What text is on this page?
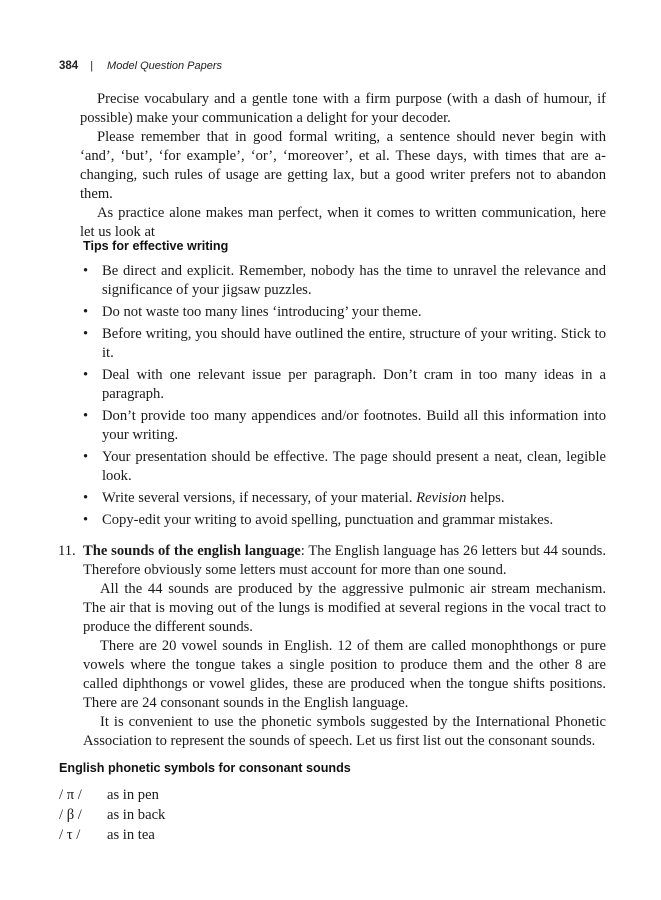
384 | Model Question Papers

Precise vocabulary and a gentle tone with a firm purpose (with a dash of humour, if possible) make your communication a delight for your decoder.

Please remember that in good formal writing, a sentence should never begin with ‘and’, ‘but’, ‘for example’, ‘or’, ‘moreover’, et al. These days, with times that are a-changing, such rules of usage are getting lax, but a good writer prefers not to abandon them.

As practice alone makes man perfect, when it comes to written communication, here let us look at

Tips for effective writing
• Be direct and explicit. Remember, nobody has the time to unravel the relevance and significance of your jigsaw puzzles.
• Do not waste too many lines ‘introducing’ your theme.
• Before writing, you should have outlined the entire, structure of your writing. Stick to it.
• Deal with one relevant issue per paragraph. Don’t cram in too many ideas in a paragraph.
• Don’t provide too many appendices and/or footnotes. Build all this information into your writing.
• Your presentation should be effective. The page should present a neat, clean, legible look.
• Write several versions, if necessary, of your material. Revision helps.
• Copy-edit your writing to avoid spelling, punctuation and grammar mistakes.
11. The sounds of the english language: The English language has 26 letters but 44 sounds. Therefore obviously some letters must account for more than one sound.

All the 44 sounds are produced by the aggressive pulmonic air stream mechanism. The air that is moving out of the lungs is modified at several regions in the vocal tract to produce the different sounds.

There are 20 vowel sounds in English. 12 of them are called monophthongs or pure vowels where the tongue takes a single position to produce them and the other 8 are called diphthongs or vowel glides, these are produced when the tongue shifts positions. There are 24 consonant sounds in the English language.

It is convenient to use the phonetic symbols suggested by the International Phonetic Association to represent the sounds of speech. Let us first list out the consonant sounds.

English phonetic symbols for consonant sounds
/ π /	as in pen
/ β /	as in back
/ τ /	as in tea
